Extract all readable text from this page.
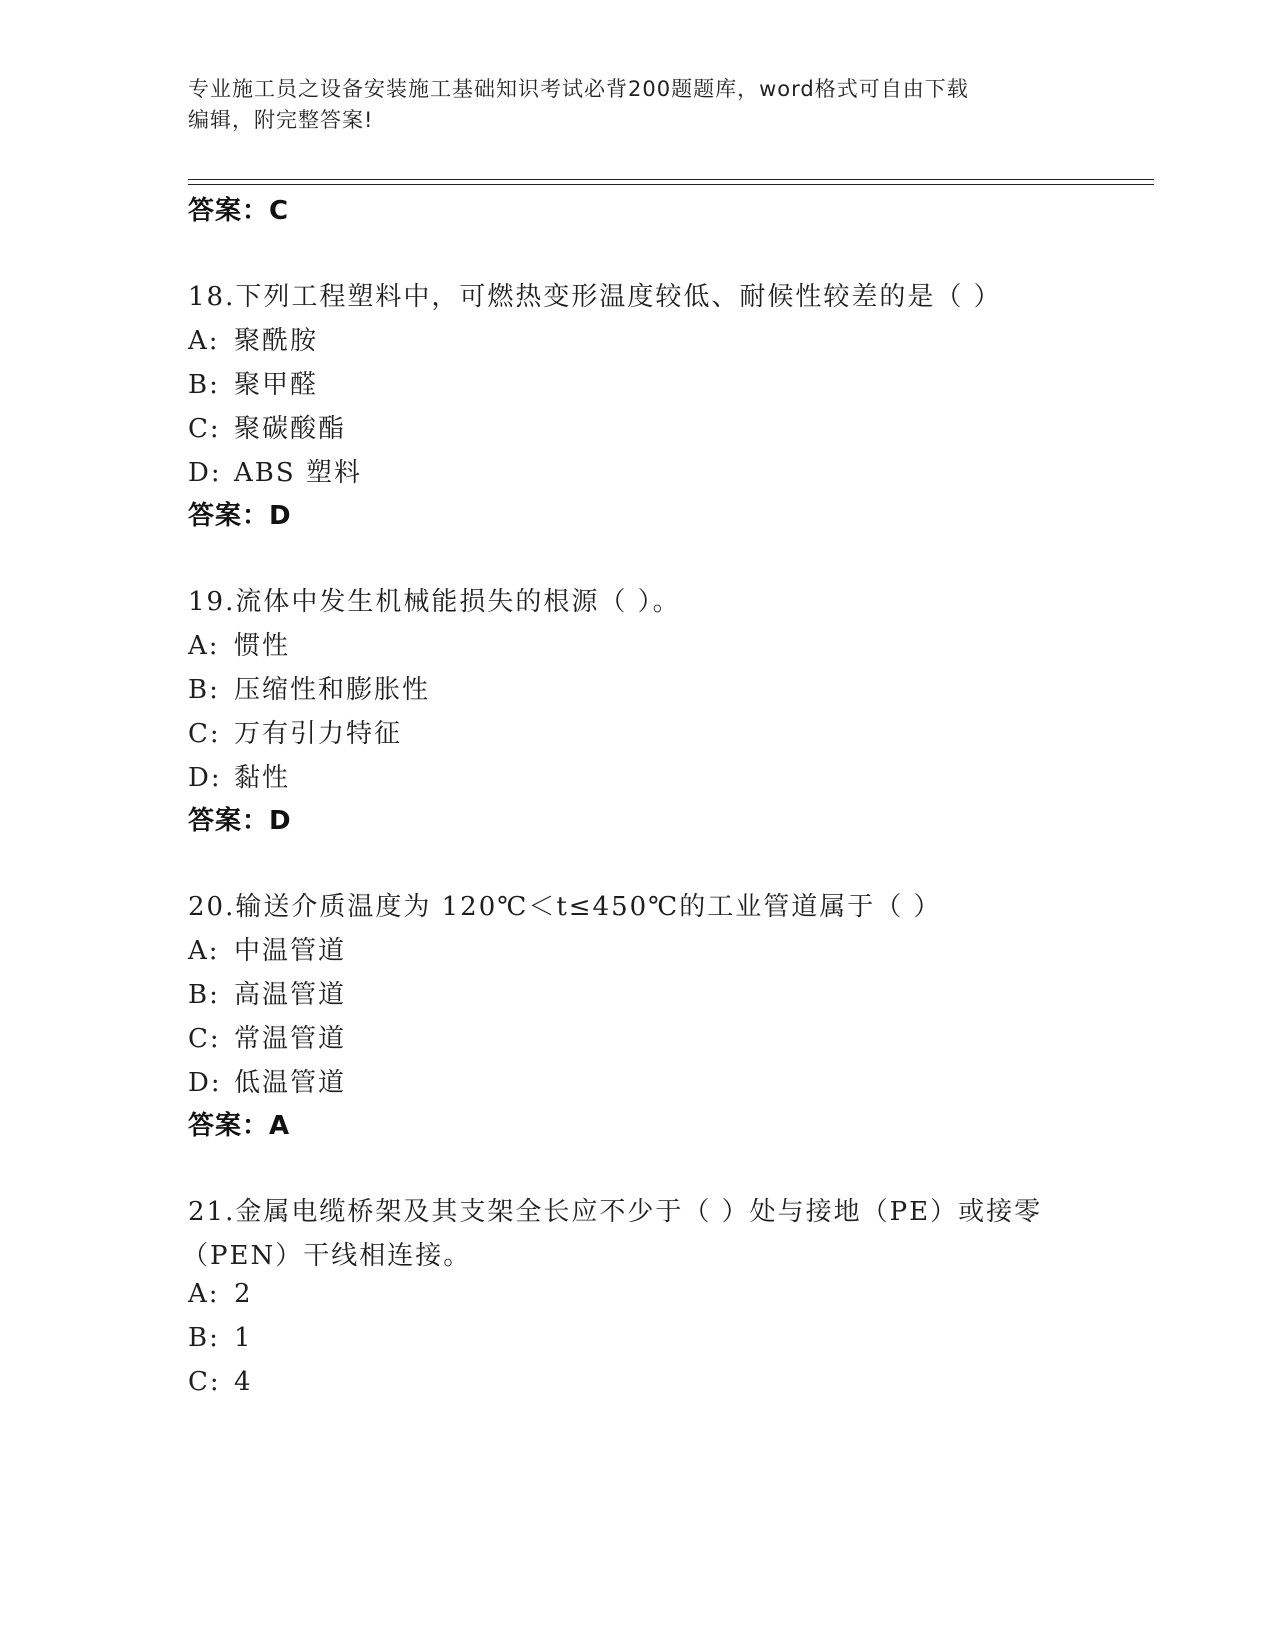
专业施工员之设备安装施工基础知识考试必背200题题库，word格式可自由下载
编辑，附完整答案!
答案：C
18.下列工程塑料中，可燃热变形温度较低、耐候性较差的是（ ）
A: 聚酰胺
B: 聚甲醛
C: 聚碳酸酯
D: ABS 塑料
答案：D
19.流体中发生机械能损失的根源（ ）。
A: 惯性
B: 压缩性和膨胀性
C: 万有引力特征
D: 黏性
答案：D
20.输送介质温度为 120℃＜t≤450℃的工业管道属于（ ）
A: 中温管道
B: 高温管道
C: 常温管道
D: 低温管道
答案：A
21.金属电缆桥架及其支架全长应不少于（ ）处与接地（PE）或接零
（PEN）干线相连接。
A: 2
B: 1
C: 4
